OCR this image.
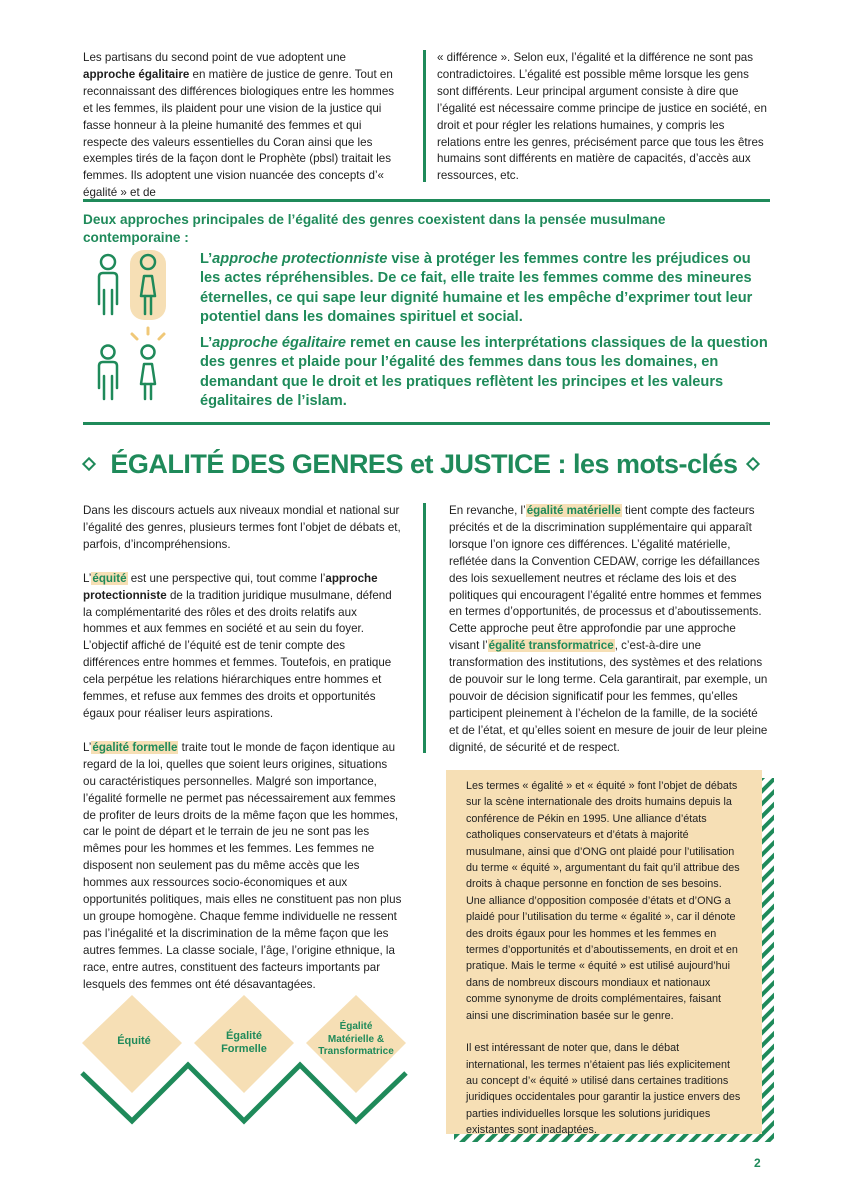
Les partisans du second point de vue adoptent une approche égalitaire en matière de justice de genre. Tout en reconnaissant des différences biologiques entre les hommes et les femmes, ils plaident pour une vision de la justice qui fasse honneur à la pleine humanité des femmes et qui respecte des valeurs essentielles du Coran ainsi que les exemples tirés de la façon dont le Prophète (pbsl) traitait les femmes. Ils adoptent une vision nuancée des concepts d’« égalité » et de
« différence ». Selon eux, l’égalité et la différence ne sont pas contradictoires. L’égalité est possible même lorsque les gens sont différents. Leur principal argument consiste à dire que l’égalité est nécessaire comme principe de justice en société, en droit et pour régler les relations humaines, y compris les relations entre les genres, précisément parce que tous les êtres humains sont différents en matière de capacités, d’accès aux ressources, etc.
Deux approches principales de l’égalité des genres coexistent dans la pensée musulmane contemporaine :
L’approche protectionniste vise à protéger les femmes contre les préjudices ou les actes répréhensibles. De ce fait, elle traite les femmes comme des mineures éternelles, ce qui sape leur dignité humaine et les empêche d’exprimer tout leur potentiel dans les domaines spirituel et social.
L’approche égalitaire remet en cause les interprétations classiques de la question des genres et plaide pour l’égalité des femmes dans tous les domaines, en demandant que le droit et les pratiques reflètent les principes et les valeurs égalitaires de l’islam.
ÉGALITÉ DES GENRES et JUSTICE : les mots-clés

Dans les discours actuels aux niveaux mondial et national sur l’égalité des genres, plusieurs termes font l’objet de débats et, parfois, d’incompréhensions.

L’équité est une perspective qui, tout comme l’approche protectionniste de la tradition juridique musulmane, défend la complémentarité des rôles et des droits relatifs aux hommes et aux femmes en société et au sein du foyer. L’objectif affiché de l’équité est de tenir compte des différences entre hommes et femmes. Toutefois, en pratique cela perpétue les relations hiérarchiques entre hommes et femmes, et refuse aux femmes des droits et opportunités égaux pour réaliser leurs aspirations.

L’égalité formelle traite tout le monde de façon identique au regard de la loi, quelles que soient leurs origines, situations ou caractéristiques personnelles. Malgré son importance, l’égalité formelle ne permet pas nécessairement aux femmes de profiter de leurs droits de la même façon que les hommes, car le point de départ et le terrain de jeu ne sont pas les mêmes pour les hommes et les femmes. Les femmes ne disposent non seulement pas du même accès que les hommes aux ressources socio-économiques et aux opportunités politiques, mais elles ne constituent pas non plus un groupe homogène. Chaque femme individuelle ne ressent pas l’inégalité et la discrimination de la même façon que les autres femmes. La classe sociale, l’âge, l’origine ethnique, la race, entre autres, constituent des facteurs importants par lesquels des femmes ont été désavantagées.

En revanche, l’égalité matérielle tient compte des facteurs précités et de la discrimination supplémentaire qui apparaît lorsque l’on ignore ces différences. L’égalité matérielle, reflétée dans la Convention CEDAW, corrige les défaillances des lois sexuellement neutres et réclame des lois et des politiques qui encouragent l’égalité entre hommes et femmes en termes d’opportunités, de processus et d’aboutissements. Cette approche peut être approfondie par une approche visant l’égalité transformatrice, c’est-à-dire une transformation des institutions, des systèmes et des relations de pouvoir sur le long terme. Cela garantirait, par exemple, un pouvoir de décision significatif pour les femmes, qu’elles participent pleinement à l’échelon de la famille, de la société et de l’état, et qu’elles soient en mesure de jouir de leur pleine dignité, de sécurité et de respect.

Les termes « égalité » et « équité » font l’objet de débats sur la scène internationale des droits humains depuis la conférence de Pékin en 1995. Une alliance d’états catholiques conservateurs et d’états à majorité musulmane, ainsi que d’ONG ont plaidé pour l’utilisation du terme « équité », argumentant du fait qu’il attribue des droits à chaque personne en fonction de ses besoins. Une alliance d’opposition composée d’états et d’ONG a plaidé pour l’utilisation du terme « égalité », car il dénote des droits égaux pour les hommes et les femmes en termes d’opportunités et d’aboutissements, en droit et en pratique. Mais le terme « équité » est utilisé aujourd’hui dans de nombreux discours mondiaux et nationaux comme synonyme de droits complémentaires, faisant ainsi une discrimination basée sur le genre.

Il est intéressant de noter que, dans le débat international, les termes n’étaient pas liés explicitement au concept d’« équité » utilisé dans certaines traditions juridiques occidentales pour garantir la justice envers des parties individuelles lorsque les solutions juridiques existantes sont inadaptées.

Équité	Égalité
Formelle
Égalité
Matérielle &
Transformatrice
2
